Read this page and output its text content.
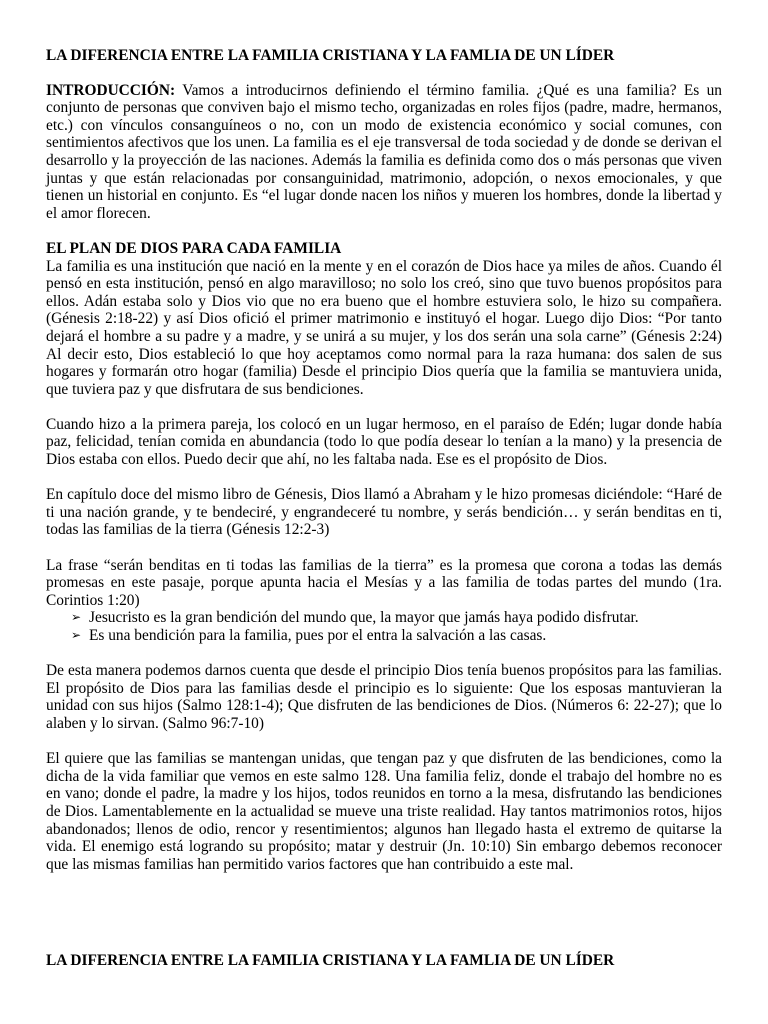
LA DIFERENCIA ENTRE LA FAMILIA CRISTIANA Y LA FAMLIA DE UN LÍDER

INTRODUCCIÓN: Vamos a introducirnos definiendo el término familia. ¿Qué es una familia? Es un conjunto de personas que conviven bajo el mismo techo, organizadas en roles fijos (padre, madre, hermanos, etc.) con vínculos consanguíneos o no, con un modo de existencia económico y social comunes, con sentimientos afectivos que los unen. La familia es el eje transversal de toda sociedad y de donde se derivan el desarrollo y la proyección de las naciones. Además la familia es definida como dos o más personas que viven juntas y que están relacionadas por consanguinidad, matrimonio, adopción, o nexos emocionales, y que tienen un historial en conjunto. Es “el lugar donde nacen los niños y mueren los hombres, donde la libertad y el amor florecen.

EL PLAN DE DIOS PARA CADA FAMILIA

La familia es una institución que nació en la mente y en el corazón de Dios hace ya miles de años. Cuando él pensó en esta institución, pensó en algo maravilloso; no solo los creó, sino que tuvo buenos propósitos para ellos. Adán estaba solo y Dios vio que no era bueno que el hombre estuviera solo, le hizo su compañera. (Génesis 2:18-22) y así Dios ofició el primer matrimonio e instituyó el hogar. Luego dijo Dios: “Por tanto dejará el hombre a su padre y a madre, y se unirá a su mujer, y los dos serán una sola carne” (Génesis 2:24) Al decir esto, Dios estableció lo que hoy aceptamos como normal para la raza humana: dos salen de sus hogares y formarán otro hogar (familia) Desde el principio Dios quería que la familia se mantuviera unida, que tuviera paz y que disfrutara de sus bendiciones.

Cuando hizo a la primera pareja, los colocó en un lugar hermoso, en el paraíso de Edén; lugar donde había paz, felicidad, tenían comida en abundancia (todo lo que podía desear lo tenían a la mano) y la presencia de Dios estaba con ellos. Puedo decir que ahí, no les faltaba nada. Ese es el propósito de Dios.

En capítulo doce del mismo libro de Génesis, Dios llamó a Abraham y le hizo promesas diciéndole: “Haré de ti una nación grande, y te bendeciré, y engrandeceré tu nombre, y serás bendición… y serán benditas en ti, todas las familias de la tierra (Génesis 12:2-3)

La frase “serán benditas en ti todas las familias de la tierra” es la promesa que corona a todas las demás promesas en este pasaje, porque apunta hacia el Mesías y a las familia de todas partes del mundo (1ra. Corintios 1:20)

➢ Jesucristo es la gran bendición del mundo que, la mayor que jamás haya podido disfrutar.
➢ Es una bendición para la familia, pues por el entra la salvación a las casas.

De esta manera podemos darnos cuenta que desde el principio Dios tenía buenos propósitos para las familias. El propósito de Dios para las familias desde el principio es lo siguiente: Que los esposas mantuvieran la unidad con sus hijos (Salmo 128:1-4); Que disfruten de las bendiciones de Dios. (Números 6: 22-27); que lo alaben y lo sirvan. (Salmo 96:7-10)

El quiere que las familias se mantengan unidas, que tengan paz y que disfruten de las bendiciones, como la dicha de la vida familiar que vemos en este salmo 128. Una familia feliz, donde el trabajo del hombre no es en vano; donde el padre, la madre y los hijos, todos reunidos en torno a la mesa, disfrutando las bendiciones de Dios. Lamentablemente en la actualidad se mueve una triste realidad. Hay tantos matrimonios rotos, hijos abandonados; llenos de odio, rencor y resentimientos; algunos han llegado hasta el extremo de quitarse la vida. El enemigo está logrando su propósito; matar y destruir (Jn. 10:10) Sin embargo debemos reconocer que las mismas familias han permitido varios factores que han contribuido a este mal.

LA DIFERENCIA ENTRE LA FAMILIA CRISTIANA Y LA FAMLIA DE UN LÍDER
